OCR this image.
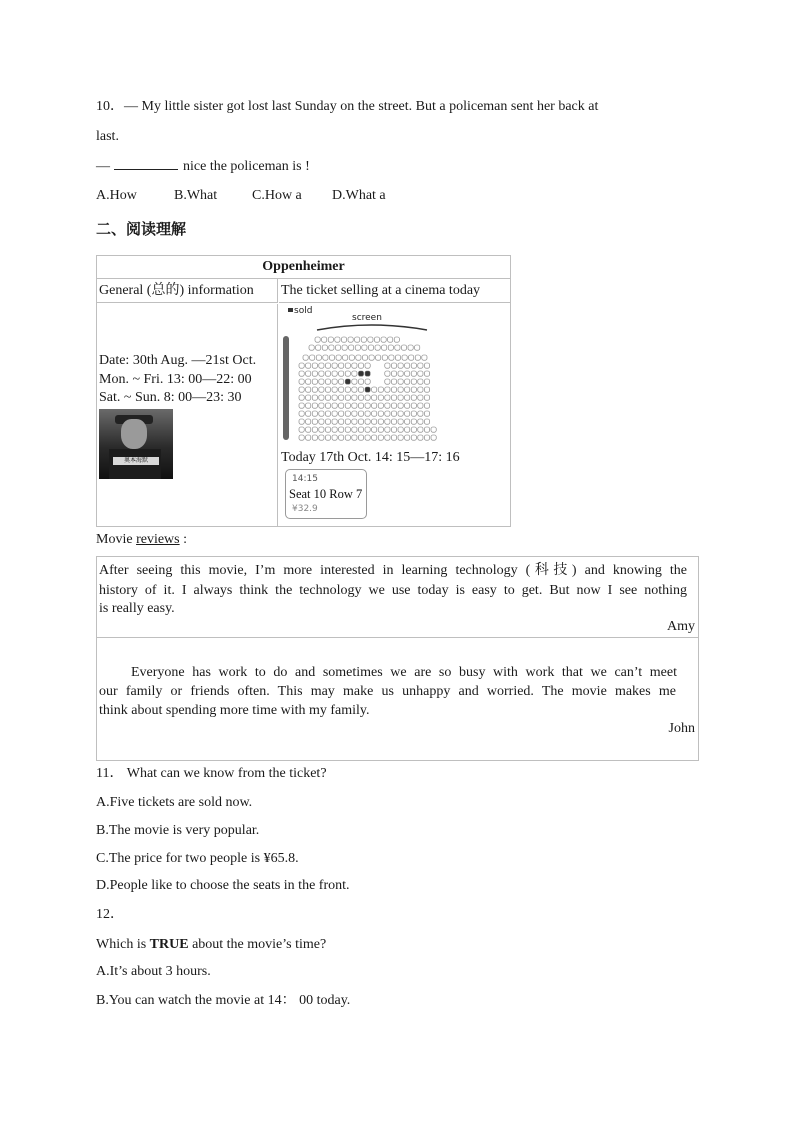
10．— My little sister got lost last Sunday on the street. But a policeman sent her back at
last.
—	nice the policeman is !
A.How	B.What C.How a D.What a
二、阅读理解
Oppenheimer
General (总的) information	The ticket selling at a cinema today
Date: 30th Aug. —21st Oct.
Mon. ~ Fri. 13: 00—22: 00
Sat. ~ Sun. 8: 00—23: 30
奥本海默
sold
screen
Today 17th Oct. 14: 15—17: 16
14:15
Seat 10 Row 7
¥32.9
Movie reviews :
After seeing this movie, I’m more interested in learning technology (科技) and knowing the
history of it. I always think the technology we use today is easy to get. But now I see nothing
is really easy.
Amy
Everyone has work to do and sometimes we are so busy with work that we can’t meet
our family or friends often. This may make us unhappy and worried. The movie makes me
think about spending more time with my family.
John
11． What can we know from the ticket?
A.Five tickets are sold now.
B.The movie is very popular.
C.The price for two people is ¥65.8.
D.People like to choose the seats in the front.
12．
Which is TRUE about the movie’s time?
A.It’s about 3 hours.
B.You can watch the movie at 14： 00 today.
